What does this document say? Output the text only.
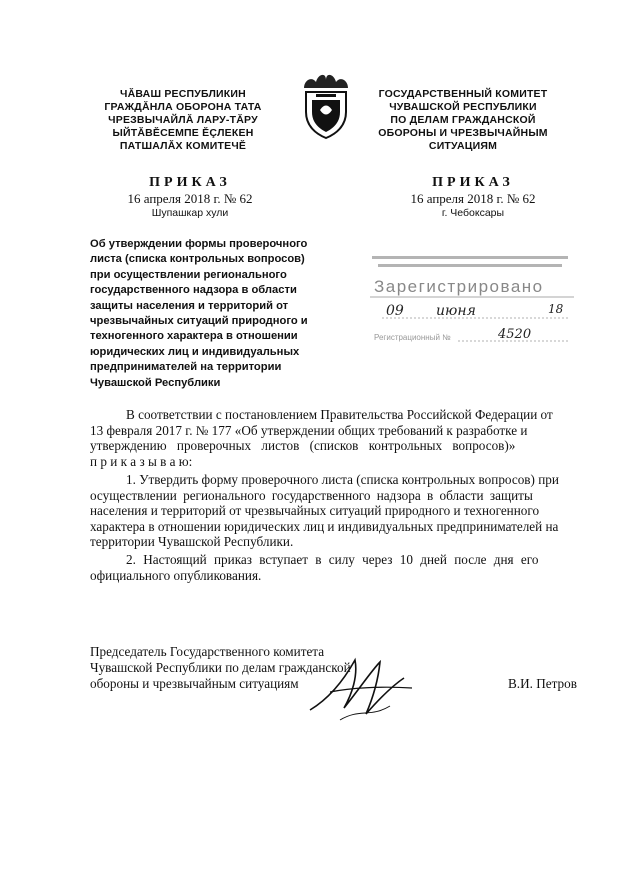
ЧĂВАШ РЕСПУБЛИКИН
ГРАЖДĂНЛА ОБОРОНА ТАТА
ЧРЕЗВЫЧАЙЛĂ ЛАРУ-ТĂРУ
ЫЙТĂВĔСЕМПЕ ĔÇЛЕКЕН
ПАТШАЛĂХ КОМИТЕЧĔ
ГОСУДАРСТВЕННЫЙ КОМИТЕТ
ЧУВАШСКОЙ РЕСПУБЛИКИ
ПО ДЕЛАМ ГРАЖДАНСКОЙ
ОБОРОНЫ И ЧРЕЗВЫЧАЙНЫМ
СИТУАЦИЯМ
ПРИКАЗ
16 апреля 2018 г. № 62
Шупашкар хули
ПРИКАЗ
16 апреля 2018 г. № 62
г. Чебоксары
Об утверждении формы проверочного
листа (списка контрольных вопросов)
при осуществлении регионального
государственного надзора в области
защиты населения и территорий от
чрезвычайных ситуаций природного и
техногенного характера в отношении
юридических лиц и индивидуальных
предпринимателей на территории
Чувашской Республики
Зарегистрировано
09 июня	18
Регистрационный №	4520
В соответствии с постановлением Правительства Российской Федерации от
13 февраля 2017 г. № 177 «Об утверждении общих требований к разработке и
утверждению проверочных листов (списков контрольных вопросов)»
п р и к а з ы в а ю:
1. Утвердить форму проверочного листа (списка контрольных вопросов) при
осуществлении регионального государственного надзора в области защиты
населения и территорий от чрезвычайных ситуаций природного и техногенного
характера в отношении юридических лиц и индивидуальных предпринимателей на
территории Чувашской Республики.
2. Настоящий приказ вступает в силу через 10 дней после дня его
официального опубликования.
Председатель Государственного комитета
Чувашской Республики по делам гражданской
обороны и чрезвычайным ситуациям	В.И. Петров
